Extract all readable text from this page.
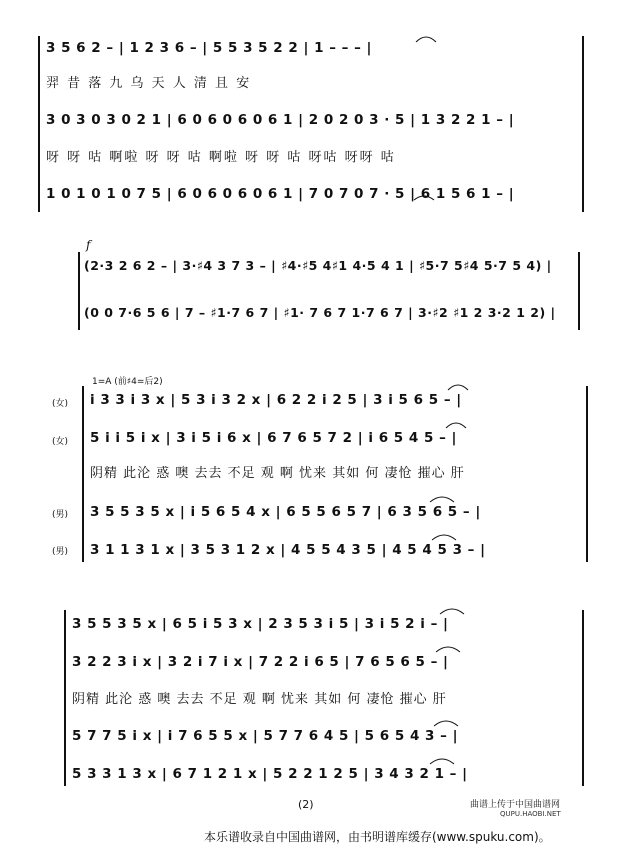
3 5 6 2 – | 1 2 3 6 – | 5 5 3 5 2 2 | 1 – – – |
羿 昔 落 九 乌 天 人 清 且 安
3 0 3 0 3 0 2 1 | 6 0 6 0 6 0 6 1 | 2 0 2 0 3 · 5 | 1 3 2 2 1 – |
呀 呀 咕 啊啦 呀 呀 咕 啊啦 呀 呀 咕 呀咕 呀呀 咕
1 0 1 0 1 0 7 5 | 6 0 6 0 6 0 6 1 | 7 0 7 0 7 · 5 | 6 1 5 6 1 – |
f
(2·3 2 6 2 – | 3·♯4 3 7 3 – | ♯4·♯5 4♯1 4·5 4 1 | ♯5·7 5♯4 5·7 5 4) |
(0 0 7·6 5 6 | 7 – ♯1·7 6 7 | ♯1· 7 6 7 1·7 6 7 | 3·♯2 ♯1 2 3·2 1 2) |
1=A (前♯4=后2)
(女)
(女)
(男)
(男)
i 3 3 i 3 x | 5 3 i 3 2 x | 6 2 2 i 2 5 | 3 i 5 6 5 – |
5 i i 5 i x | 3 i 5 i 6 x | 6 7 6 5 7 2 | i 6 5 4 5 – |
阴精 此沦 惑 噢 去去 不足 观 啊 忧来 其如 何 凄怆 摧心 肝
3 5 5 3 5 x | i 5 6 5 4 x | 6 5 5 6 5 7 | 6 3 5 6 5 – |
3 1 1 3 1 x | 3 5 3 1 2 x | 4 5 5 4 3 5 | 4 5 4 5 3 – |
3 5 5 3 5 x | 6 5 i 5 3 x | 2 3 5 3 i 5 | 3 i 5 2 i – |
3 2 2 3 i x | 3 2 i 7 i x | 7 2 2 i 6 5 | 7 6 5 6 5 – |
阴精 此沦 惑 噢 去去 不足 观 啊 忧来 其如 何 凄怆 摧心 肝
5 7 7 5 i x | i 7 6 5 5 x | 5 7 7 6 4 5 | 5 6 5 4 3 – |
5 3 3 1 3 x | 6 7 1 2 1 x | 5 2 2 1 2 5 | 3 4 3 2 1 – |
(2)	曲谱上传于中国曲谱网
QUPU.HAOBI.NET
本乐谱收录自中国曲谱网，由书明谱库缓存(www.spuku.com)。
